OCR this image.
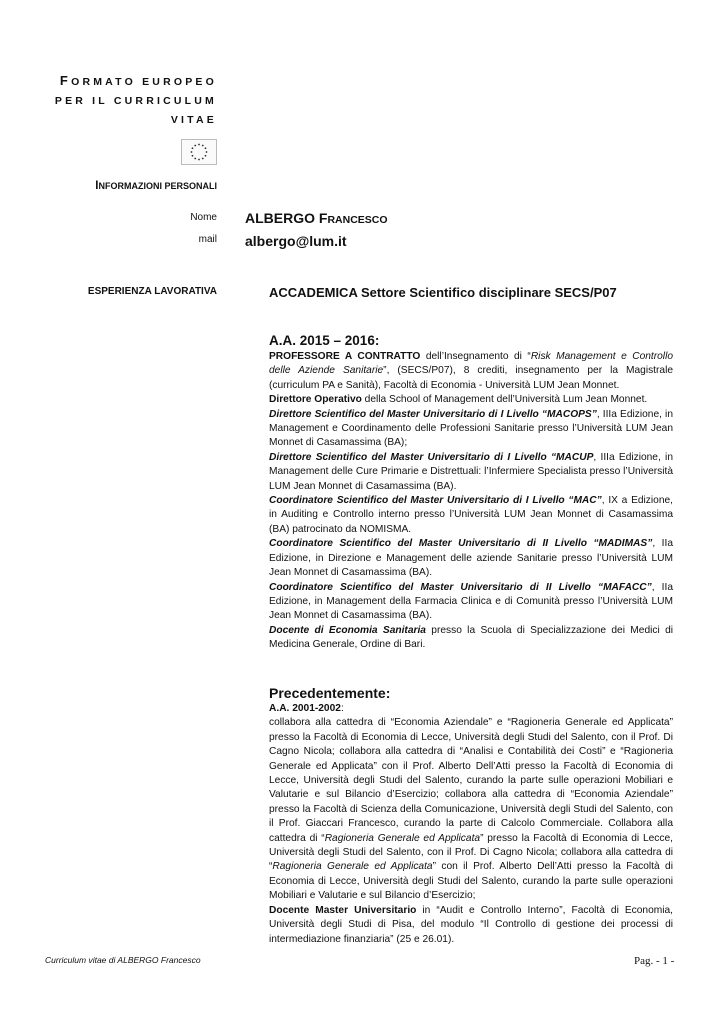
FORMATO EUROPEO
PER IL CURRICULUM
VITAE
INFORMAZIONI PERSONALI
Nome ALBERGO FRANCESCO
mail albergo@lum.it
ESPERIENZA LAVORATIVA	ACCADEMICA Settore Scientifico disciplinare SECS/P07
A.A. 2015 – 2016:

PROFESSORE A CONTRATTO dell’Insegnamento di “Risk Management e Controllo delle Aziende Sanitarie”, (SECS/P07), 8 crediti, insegnamento per la Magistrale (curriculum PA e Sanità), Facoltà di Economia - Università LUM Jean Monnet.

Direttore Operativo della School of Management dell’Università Lum Jean Monnet.

Direttore Scientifico del Master Universitario di I Livello “MACOPS”, IIIa Edizione, in Management e Coordinamento delle Professioni Sanitarie presso l’Università LUM Jean Monnet di Casamassima (BA);

Direttore Scientifico del Master Universitario di I Livello “MACUP, IIIa Edizione, in Management delle Cure Primarie e Distrettuali: l’Infermiere Specialista presso l’Università LUM Jean Monnet di Casamassima (BA).

Coordinatore Scientifico del Master Universitario di I Livello “MAC”, IX a Edizione, in Auditing e Controllo interno presso l’Università LUM Jean Monnet di Casamassima (BA) patrocinato da NOMISMA.

Coordinatore Scientifico del Master Universitario di II Livello “MADIMAS”, IIa Edizione, in Direzione e Management delle aziende Sanitarie presso l’Università LUM Jean Monnet di Casamassima (BA).

Coordinatore Scientifico del Master Universitario di II Livello “MAFACC”, IIa Edizione, in Management della Farmacia Clinica e di Comunità presso l’Università LUM Jean Monnet di Casamassima (BA).

Docente di Economia Sanitaria presso la Scuola di Specializzazione dei Medici di Medicina Generale, Ordine di Bari.

Precedentemente:

A.A. 2001-2002:

collabora alla cattedra di “Economia Aziendale” e “Ragioneria Generale ed Applicata” presso la Facoltà di Economia di Lecce, Università degli Studi del Salento, con il Prof. Di Cagno Nicola; collabora alla cattedra di “Analisi e Contabilità dei Costi” e “Ragioneria Generale ed Applicata” con il Prof. Alberto Dell’Atti presso la Facoltà di Economia di Lecce, Università degli Studi del Salento, curando la parte sulle operazioni Mobiliari e Valutarie e sul Bilancio d’Esercizio; collabora alla cattedra di “Economia Aziendale” presso la Facoltà di Scienza della Comunicazione, Università degli Studi del Salento, con il Prof. Giaccari Francesco, curando la parte di Calcolo Commerciale. Collabora alla cattedra di “Ragioneria Generale ed Applicata” presso la Facoltà di Economia di Lecce, Università degli Studi del Salento, con il Prof. Di Cagno Nicola; collabora alla cattedra di “Ragioneria Generale ed Applicata” con il Prof. Alberto Dell’Atti presso la Facoltà di Economia di Lecce, Università degli Studi del Salento, curando la parte sulle operazioni Mobiliari e Valutarie e sul Bilancio d’Esercizio;

Docente Master Universitario in “Audit e Controllo Interno”, Facoltà di Economia, Università degli Studi di Pisa, del modulo “Il Controllo di gestione dei processi di intermediazione finanziaria” (25 e 26.01).

Curriculum vitae di ALBERGO Francesco	Pag. - 1 -
